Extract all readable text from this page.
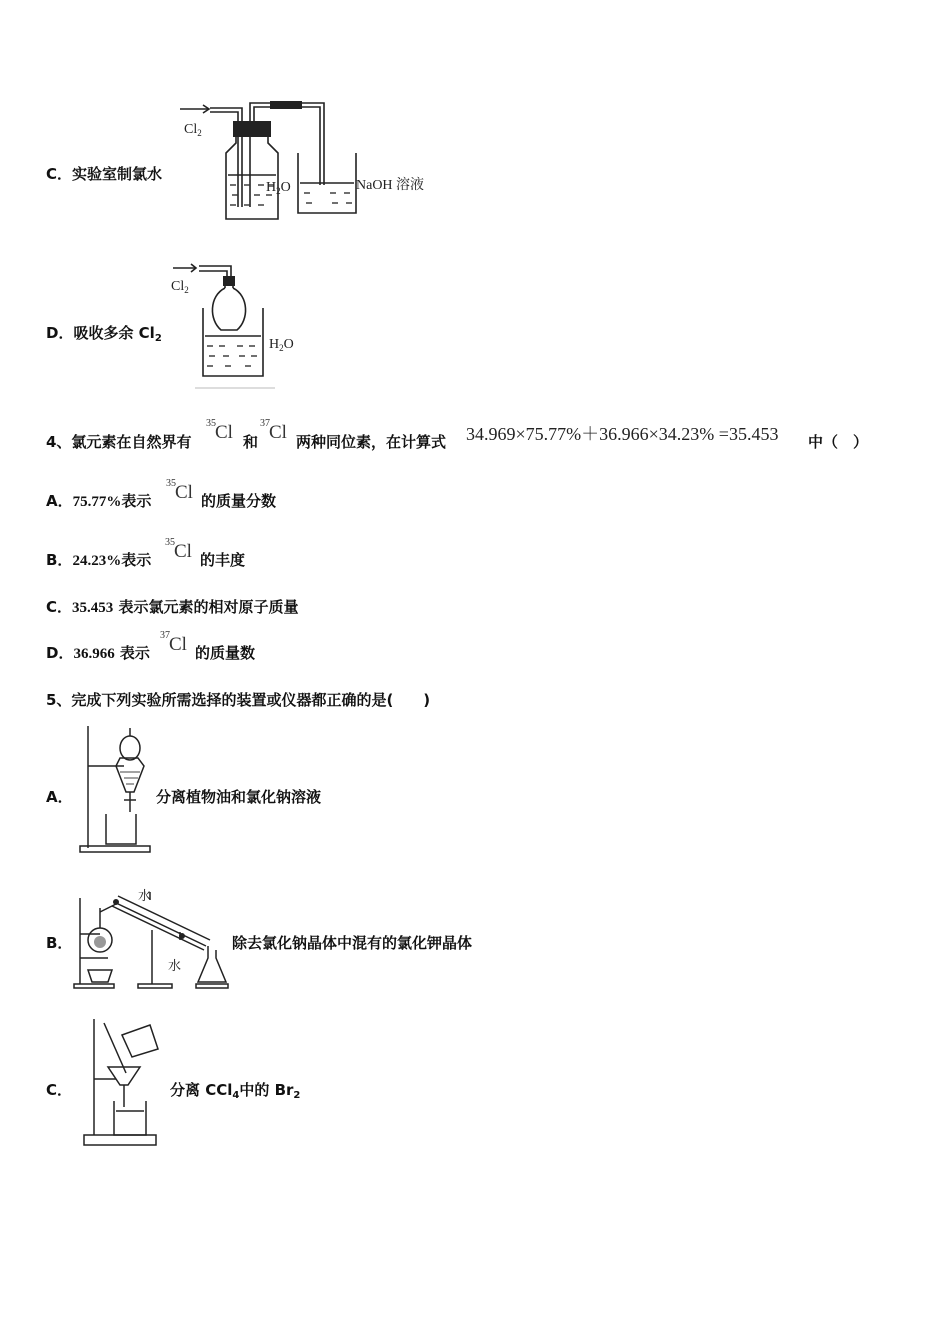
C．实验室制氯水
$Cl_2$
$H_2O$	NaOH 溶液
D．吸收多余 $Cl_2$
$Cl_2$
$H_2O$
4、氯元素在自然界有
35 Cl 和
37 Cl 两种同位素，在计算式 34.969×75.77%＋36.966×34.23% =35.453 中（　）
A．75.77%表示
35 Cl 的质量分数
B．24.23%表示
35 Cl 的丰度
C．35.453 表示氯元素的相对原子质量
D．36.966 表示
37 Cl 的质量数
5、完成下列实验所需选择的装置或仪器都正确的是(　　)
A．	分离植物油和氯化钠溶液
B．
水
水
除去氯化钠晶体中混有的氯化钾晶体
C．	分离 CCl$_4$中的 $Br_2$
